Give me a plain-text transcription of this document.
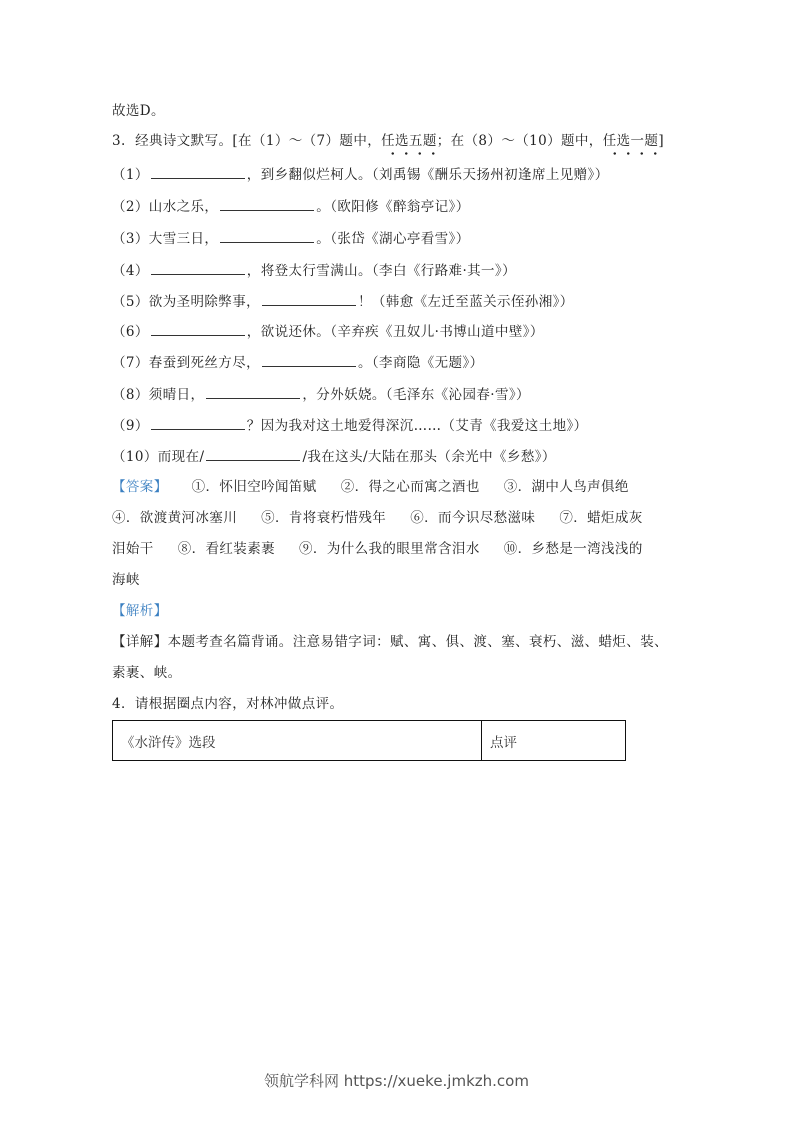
故选D。
3. 经典诗文默写。[在（1）～（7）题中，任选五题；在（8）～（10）题中，任选一题]
（1）	，到乡翻似烂柯人。（刘禹锡《酬乐天扬州初逢席上见赠》）
（2）山水之乐，	。（欧阳修《醉翁亭记》）
（3）大雪三日，	。（张岱《湖心亭看雪》）
（4）	，将登太行雪满山。（李白《行路难·其一》）
（5）欲为圣明除弊事，	！（韩愈《左迁至蓝关示侄孙湘》）
（6）	，欲说还休。（辛弃疾《丑奴儿·书博山道中壁》）
（7）春蚕到死丝方尽，	。（李商隐《无题》）
（8）须晴日，	，分外妖娆。（毛泽东《沁园春·雪》）
（9）	？因为我对这土地爱得深沉……（艾青《我爱这土地》）
（10）而现在/	/我在这头/大陆在那头（余光中《乡愁》）
【答案】 ①．怀旧空吟闻笛赋 ②．得之心而寓之酒也 ③．湖中人鸟声俱绝
④．欲渡黄河冰塞川 ⑤．肯将衰朽惜残年 ⑥．而今识尽愁滋味 ⑦．蜡炬成灰
泪始干 ⑧．看红装素裹 ⑨．为什么我的眼里常含泪水 ⑩．乡愁是一湾浅浅的
海峡
【解析】
【详解】本题考查名篇背诵。注意易错字词：赋、寓、俱、渡、塞、衰朽、滋、蜡炬、装、
素裹、峡。
4．请根据圈点内容，对林冲做点评。
《水浒传》选段	点评
领航学科网 https://xueke.jmkzh.com
